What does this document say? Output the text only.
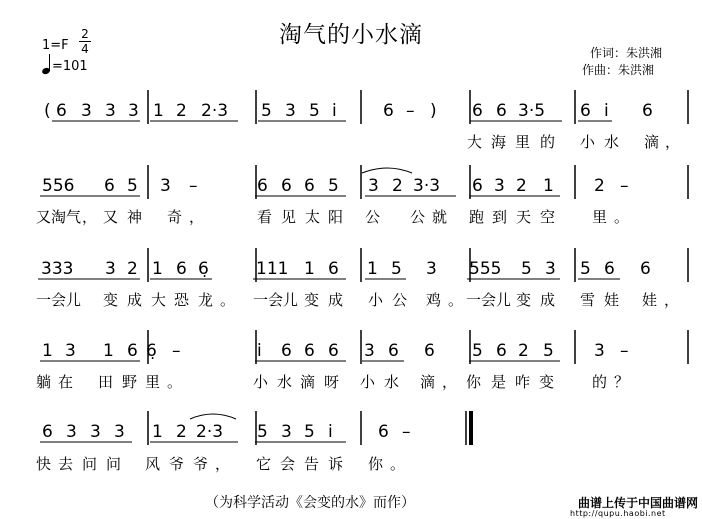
淘气的小水滴
1=F
2
4
=101
作词：朱洪湘
作曲：朱洪湘
( 6 3 3 3 1 2 2·3 5 3 5 i̇	6 – ) 6 6 3·5 6 i̇ 6
大 海 里 的 小 水 滴 ，
556 6 5 3 –	6 6 6 5 3 2 3·3 6 3 2 1 2 –
又淘气 ， 又 神 奇 ，	看 见 太 阳 公 公 就 跑 到 天 空 里 。
333 3 2 1 6 6̣	111 1 6 1 5 3 555 5 3 5 6 6
一会儿 变 成 大 恐 龙 。 一会儿 变 成 小 公 鸡 。 一会儿 变 成 雪 娃 娃 ，
1 3 1 6 6̣ –	i̇ 6 6 6 3 6 6 5 6 2 5 3 –
躺 在 田 野 里 。	小 水 滴 呀 小 水 滴 ， 你 是 咋 变	的 ？
6 3 3 3 1 2 2·3 5 3 5 i̇	6 –
快 去 问 问 风 爷 爷 ， 它 会 告 诉 你 。
（为科学活动《会变的水》而作）	曲谱上传于中国曲谱网
http://qupu.haobi.net
